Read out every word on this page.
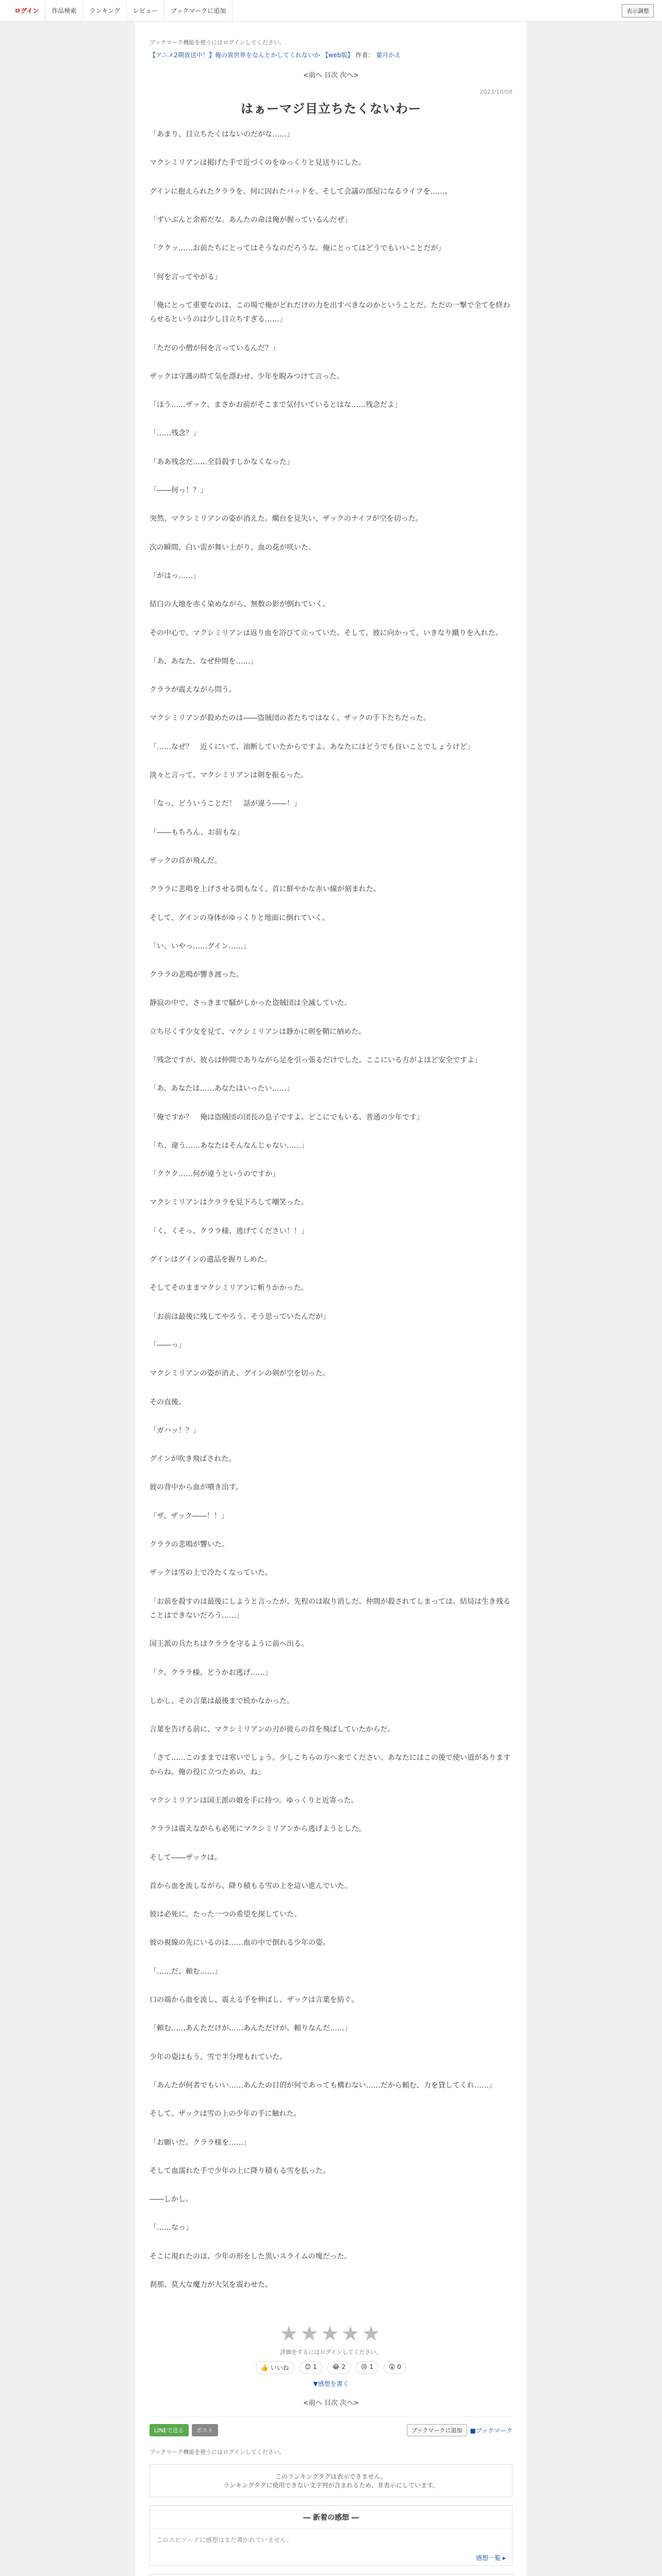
ログイン	作品検索	ランキング	レビュー	ブックマークに追加	表示調整
ブックマーク機能を使うにはログインしてください。
【アニメ2期放送中！】俺の異世界をなんとかしてくれないか 【web版】 作者： 葉月かえ
<前へ 目次 次へ>
2023/10/08
はぁーマジ目立ちたくないわー

「あまり、目立ちたくはないのだがな……」

マクシミリアンは掲げた手で近づくのをゆっくりと見送りにした。

グインに抱えられたクララを、何に囚れたバッドを、そして会議の部屋になるライフを……。

「ずいぶんと余裕だな。あんたの命は俺が握っているんだぜ」

「ククッ……お前たちにとってはそうなのだろうな。俺にとってはどうでもいいことだが」

「何を言ってやがる」

「俺にとって重要なのは、この場で俺がどれだけの力を出すべきなのかということだ。ただの一撃で全てを終わらせるというのは少し目立ちすぎる……」

「ただの小僧が何を言っているんだ？」

ザックは守護の時て気を漂わせ、少年を睨みつけて言った。

「ほう……ザック、まさかお前がそこまで気付いているとはな……残念だよ」

「……残念？」

「ああ残念だ……全員殺すしかなくなった」

「――何っ！？」

突然、マクシミリアンの姿が消えた。燭台を見失い、ザックのナイフが空を切った。

次の瞬間、白い雷が舞い上がり、血の花が咲いた。

「がはっ……」

結白の大地を赤く染めながら、無数の影が倒れていく。

その中心で、マクシミリアンは返り血を浴びて立っていた。そして、彼に向かって、いきなり蹴りを入れた。

「あ、あなた、なぜ仲間を……」

クララが震えながら問う。

マクシミリアンが殺めたのは――盗賊団の者たちではなく、ザックの手下たちだった。

「……なぜ？　近くにいて、油断していたからですよ。あなたにはどうでも良いことでしょうけど」

淡々と言って、マクシミリアンは剣を振るった。

「なっ、どういうことだ！　話が違う――！」

「――もちろん、お前もな」

ザックの首が飛んだ。

クララに悲鳴を上げさせる間もなく、首に鮮やかな赤い線が刻まれた。

そして、グインの身体がゆっくりと地面に倒れていく。

「い、いやっ……グイン……」

クララの悲鳴が響き渡った。

静寂の中で、さっきまで騒がしかった盗賊団は全滅していた。

立ち尽くす少女を見て、マクシミリアンは静かに剣を鞘に納めた。

「残念ですが、彼らは仲間でありながら足を引っ張るだけでした。ここにいる方がよほど安全ですよ」

「あ、あなたは……あなたはいったい……」

「俺ですか？　俺は盗賊団の団長の息子ですよ。どこにでもいる、普通の少年です」

「ち、違う……あなたはそんなんじゃない……」

「ククク……何が違うというのですか」

マクシミリアンはクララを見下ろして嘲笑った。

「く、くそっ、クララ様、逃げてください！！」

グインはグインの遺品を握りしめた。

そしてそのままマクシミリアンに斬りかかった。

「お前は最後に残してやろう。そう思っていたんだが」

「――っ」

マクシミリアンの姿が消え、グインの剣が空を切った。

その直後。

「ガハッ！？」

グインが吹き飛ばされた。

彼の背中から血が噴き出す。

「ザ、ザック――！！」

クララの悲鳴が響いた。

ザックは雪の上で冷たくなっていた。

「お前を殺すのは最後にしようと言ったが、先程のは取り消しだ。仲間が殺されてしまっては、結局は生き残ることはできないだろう……」

国王派の兵たちはクララを守るように前へ出る。

「ク、クララ様、どうかお逃げ……」

しかし、その言葉は最後まで続かなかった。

言葉を告げる前に、マクシミリアンの刃が彼らの首を飛ばしていたからだ。

「さて……このままでは寒いでしょう。少しこちらの方へ来てください。あなたにはこの後で使い道がありますからね。俺の役に立つための、ね」

マクシミリアンは国王派の娘を手に持つ。ゆっくりと近寄った。

クララは震えながらも必死にマクシミリアンから逃げようとした。

そして――ザックは。

首から血を流しながら、降り積もる雪の上を這い進んでいた。

彼は必死に、たった一つの希望を探していた。

彼の視線の先にいるのは……血の中で倒れる少年の姿。

「……だ、頼む……」

口の端から血を流し、震える手を伸ばし、ザックは言葉を紡ぐ。

「頼む……あんただけが……あんただけが、頼りなんだ……」

少年の姿はもう、雪で半分埋もれていた。

「あんたが何者でもいい……あんたの目的が何であっても構わない……だから頼む、力を貸してくれ……」

そして、ザックは雪の上の少年の手に触れた。

「お願いだ。クララ様を……」

そして血濡れた手で少年の上に降り積もる雪を払った。

――しかし。

「……なっ」

そこに現れたのは、少年の形をした黒いスライムの塊だった。

刹那、莫大な魔力が大気を震わせた。

★★★★★
評価をするにはログインしてください。
👍 いいね	😊 1	😂 2	😢 1	😮 0
▼感想を書く
<前へ 目次 次へ>
LINEで送る	ポスト	ブックマークに追加	■ブックマーク
ブックマーク機能を使うにはログインしてください。
このランキングタグは表示できません。
ランキングタグに使用できない文字列が含まれるため、非表示にしています。
― 新着の感想 ―
このエピソードに感想はまだ書かれていません。
感想一覧 ▸
